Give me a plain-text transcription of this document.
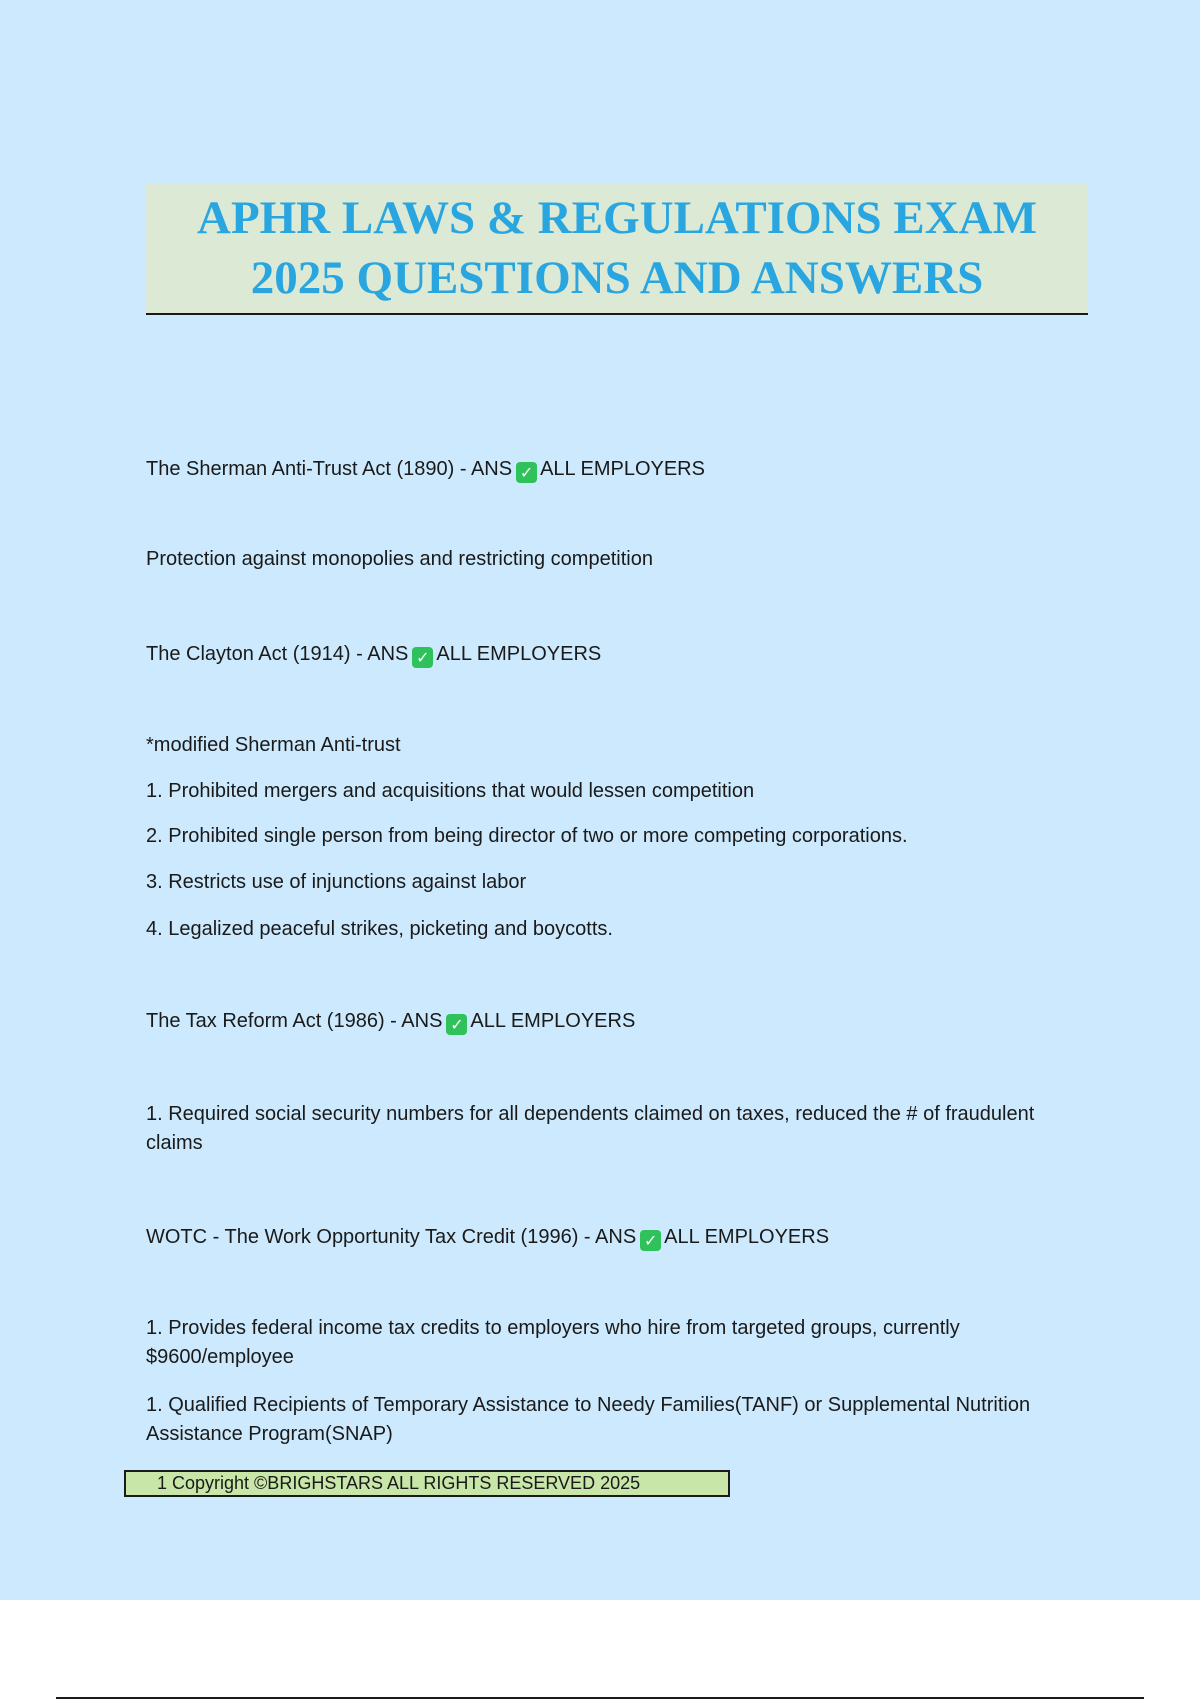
APHR LAWS & REGULATIONS EXAM
2025 QUESTIONS AND ANSWERS
The Sherman Anti-Trust Act (1890) - ANS ✓ ALL EMPLOYERS
Protection against monopolies and restricting competition
The Clayton Act (1914) - ANS ✓ ALL EMPLOYERS
*modified Sherman Anti-trust
1. Prohibited mergers and acquisitions that would lessen competition
2. Prohibited single person from being director of two or more competing corporations.
3. Restricts use of injunctions against labor
4. Legalized peaceful strikes, picketing and boycotts.
The Tax Reform Act (1986) - ANS ✓ ALL EMPLOYERS
1. Required social security numbers for all dependents claimed on taxes, reduced the # of fraudulent claims
WOTC - The Work Opportunity Tax Credit (1996) - ANS ✓ ALL EMPLOYERS
1. Provides federal income tax credits to employers who hire from targeted groups, currently $9600/employee
1. Qualified Recipients of Temporary Assistance to Needy Families(TANF) or Supplemental Nutrition Assistance Program(SNAP)
1 Copyright ©BRIGHSTARS ALL RIGHTS RESERVED 2025
